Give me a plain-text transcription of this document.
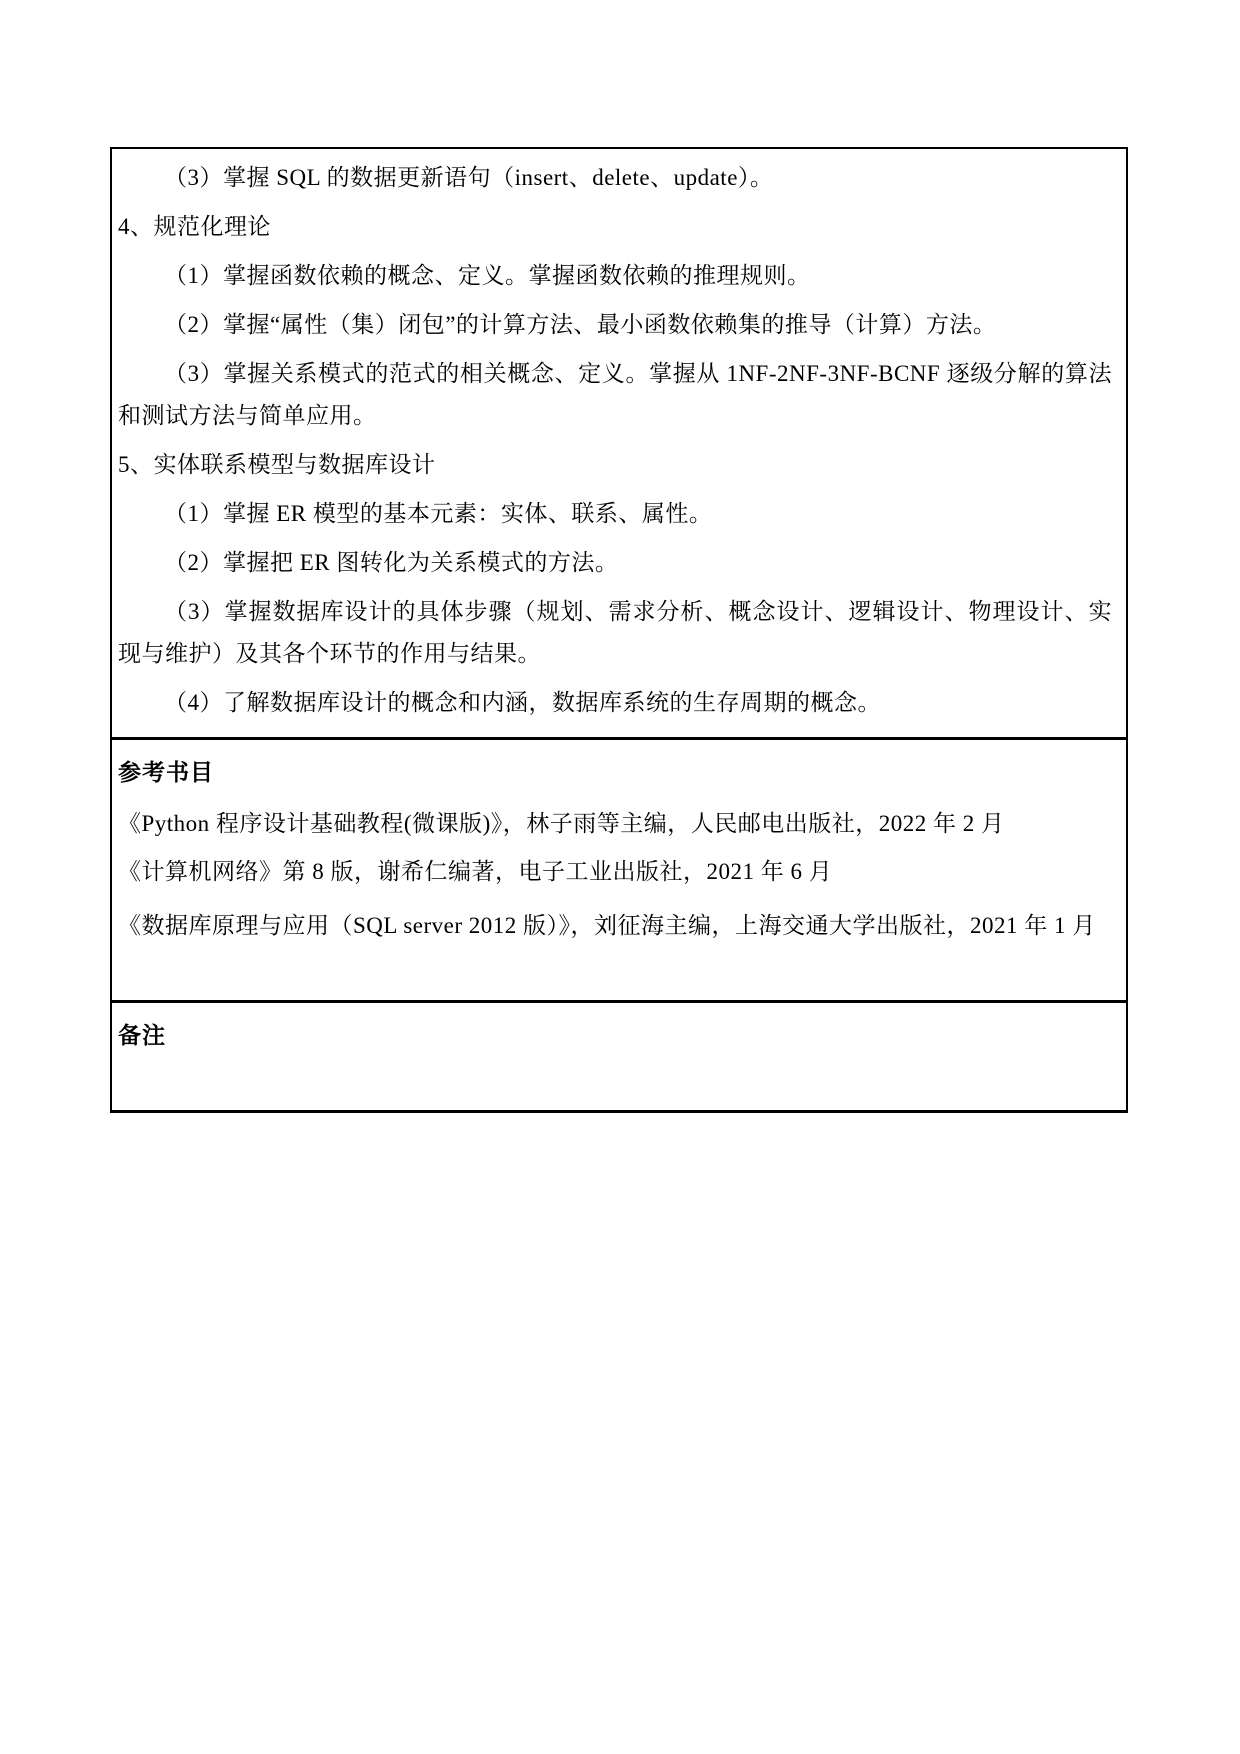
（3）掌握 SQL 的数据更新语句（insert、delete、update）。

4、规范化理论

（1）掌握函数依赖的概念、定义。掌握函数依赖的推理规则。

（2）掌握“属性（集）闭包”的计算方法、最小函数依赖集的推导（计算）方法。

（3）掌握关系模式的范式的相关概念、定义。掌握从 1NF-2NF-3NF-BCNF 逐级分解的算法和测试方法与简单应用。

5、实体联系模型与数据库设计

（1）掌握 ER 模型的基本元素：实体、联系、属性。

（2）掌握把 ER 图转化为关系模式的方法。

（3）掌握数据库设计的具体步骤（规划、需求分析、概念设计、逻辑设计、物理设计、实现与维护）及其各个环节的作用与结果。

（4）了解数据库设计的概念和内涵，数据库系统的生存周期的概念。

参考书目

《Python 程序设计基础教程(微课版)》，林子雨等主编，人民邮电出版社，2022 年 2 月

《计算机网络》第 8 版，谢希仁编著，电子工业出版社，2021 年 6 月

《数据库原理与应用（SQL server 2012 版）》，刘征海主编，上海交通大学出版社，2021 年 1 月

备注
